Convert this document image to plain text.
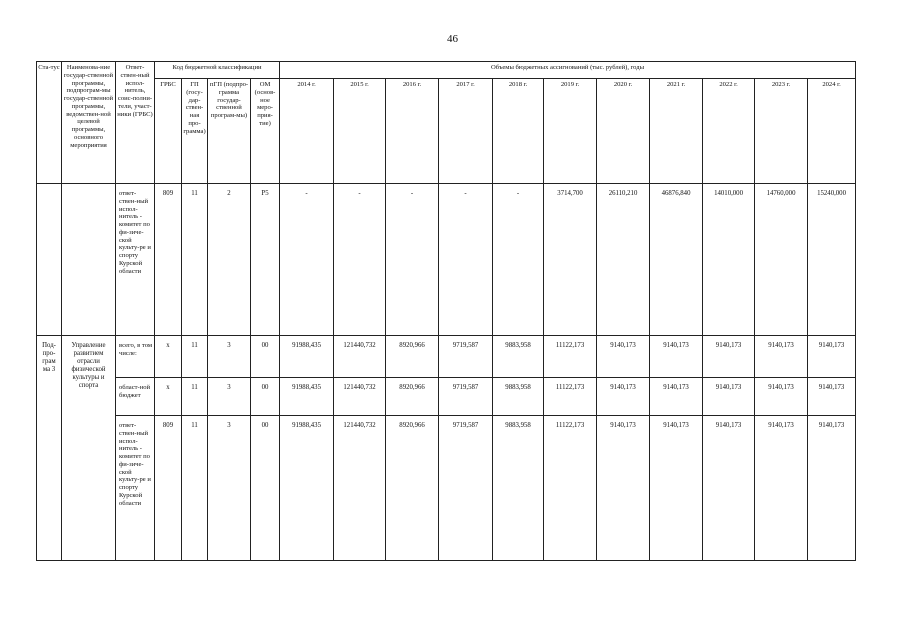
46
Ста-тус	Наименова-ние государ-ственной программы, подпрограм-мы государ-ственной программы, ведомствен-ной целевой программы, основного мероприятия	Ответ-ствен-ный испол-нитель, соис-полни-тели, участ-ники (ГРБС)	Код бюджетной классификации				Объемы бюджетных ассигнований (тыс. рублей), годы										
			ГРБС	ГП (госу-дар-ствен-ная про-грамма)	пГП (подпро-грамма государ-ственной програм-мы)	ОМ (основ-ное меро-прия-тие)	2014 г.	2015 г.	2016 г.	2017 г.	2018 г.	2019 г.	2020 г.	2021 г.	2022 г.	2023 г.	2024 г.
		ответ-ствен-ный испол-нитель - комитет по фи-зиче-ской культу-ре и спорту Курской области	809	11	2	Р5	-	-	-	-	-	3714,700	26110,210	46876,840	14010,000	14760,000	15240,000
Под-про-грам ма 3	Управление развитием отрасли физической культуры и спорта	всего, в том числе:	х	11	3	00	91988,435	121440,732	8920,966	9719,587	9883,958	11122,173	9140,173	9140,173	9140,173	9140,173	9140,173
		област-ной бюджет	х	11	3	00	91988,435	121440,732	8920,966	9719,587	9883,958	11122,173	9140,173	9140,173	9140,173	9140,173	9140,173
		ответ-ствен-ный испол-нитель - комитет по фи-зиче-ской культу-ре и спорту Курской области	809	11	3	00	91988,435	121440,732	8920,966	9719,587	9883,958	11122,173	9140,173	9140,173	9140,173	9140,173	9140,173
